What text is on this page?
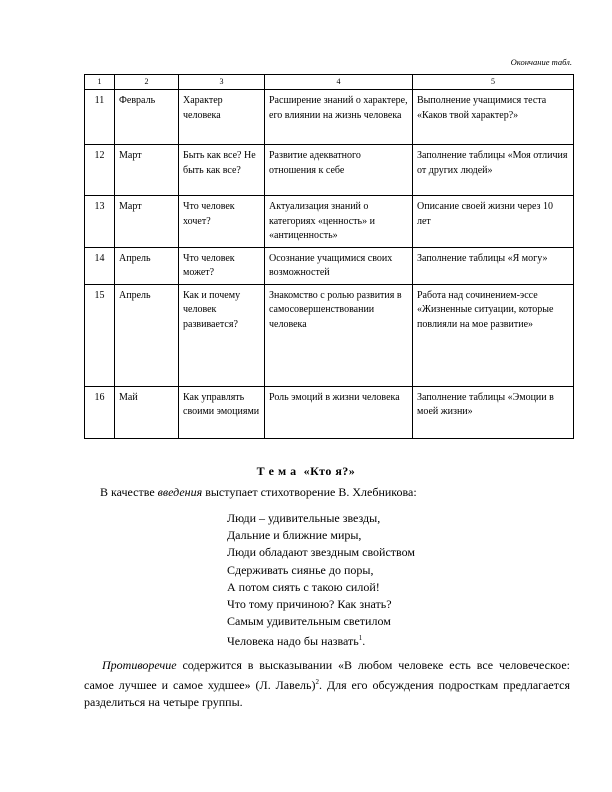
Окончание табл.
1	2	3	4	5
11	Февраль	Характер человека	Расширение знаний о характере, его влиянии на жизнь человека	Выполнение учащимися теста «Каков твой характер?»
12	Март	Быть как все? Не быть как все?	Развитие адекватного отношения к себе	Заполнение таблицы «Моя отличия от других людей»
13	Март	Что человек хочет?	Актуализация знаний о категориях «ценность» и «антиценность»	Описание своей жизни через 10 лет
14	Апрель	Что человек может?	Осознание учащимися своих возможностей	Заполнение таблицы «Я могу»
15	Апрель	Как и почему человек развивается?	Знакомство с ролью развития в самосовершенствовании человека	Работа над сочинением-эссе «Жизненные ситуации, которые повлияли на мое развитие»
16	Май	Как управлять своими эмоциями	Роль эмоций в жизни человека	Заполнение таблицы «Эмоции в моей жизни»
Т е м а  «Кто я?»
В качестве введения выступает стихотворение В. Хлебникова:
Люди – удивительные звезды,
Дальние и ближние миры,
Люди обладают звездным свойством
Сдерживать сиянье до поры,
А потом сиять с такою силой!
Что тому причиною? Как знать?
Самым удивительным светилом
Человека надо бы назвать$^1$.
Противоречие содержится в высказывании «В любом человеке есть все человеческое: самое лучшее и самое худшее» (Л. Лавель)$^2$. Для его обсуждения подросткам предлагается разделиться на четыре группы.
